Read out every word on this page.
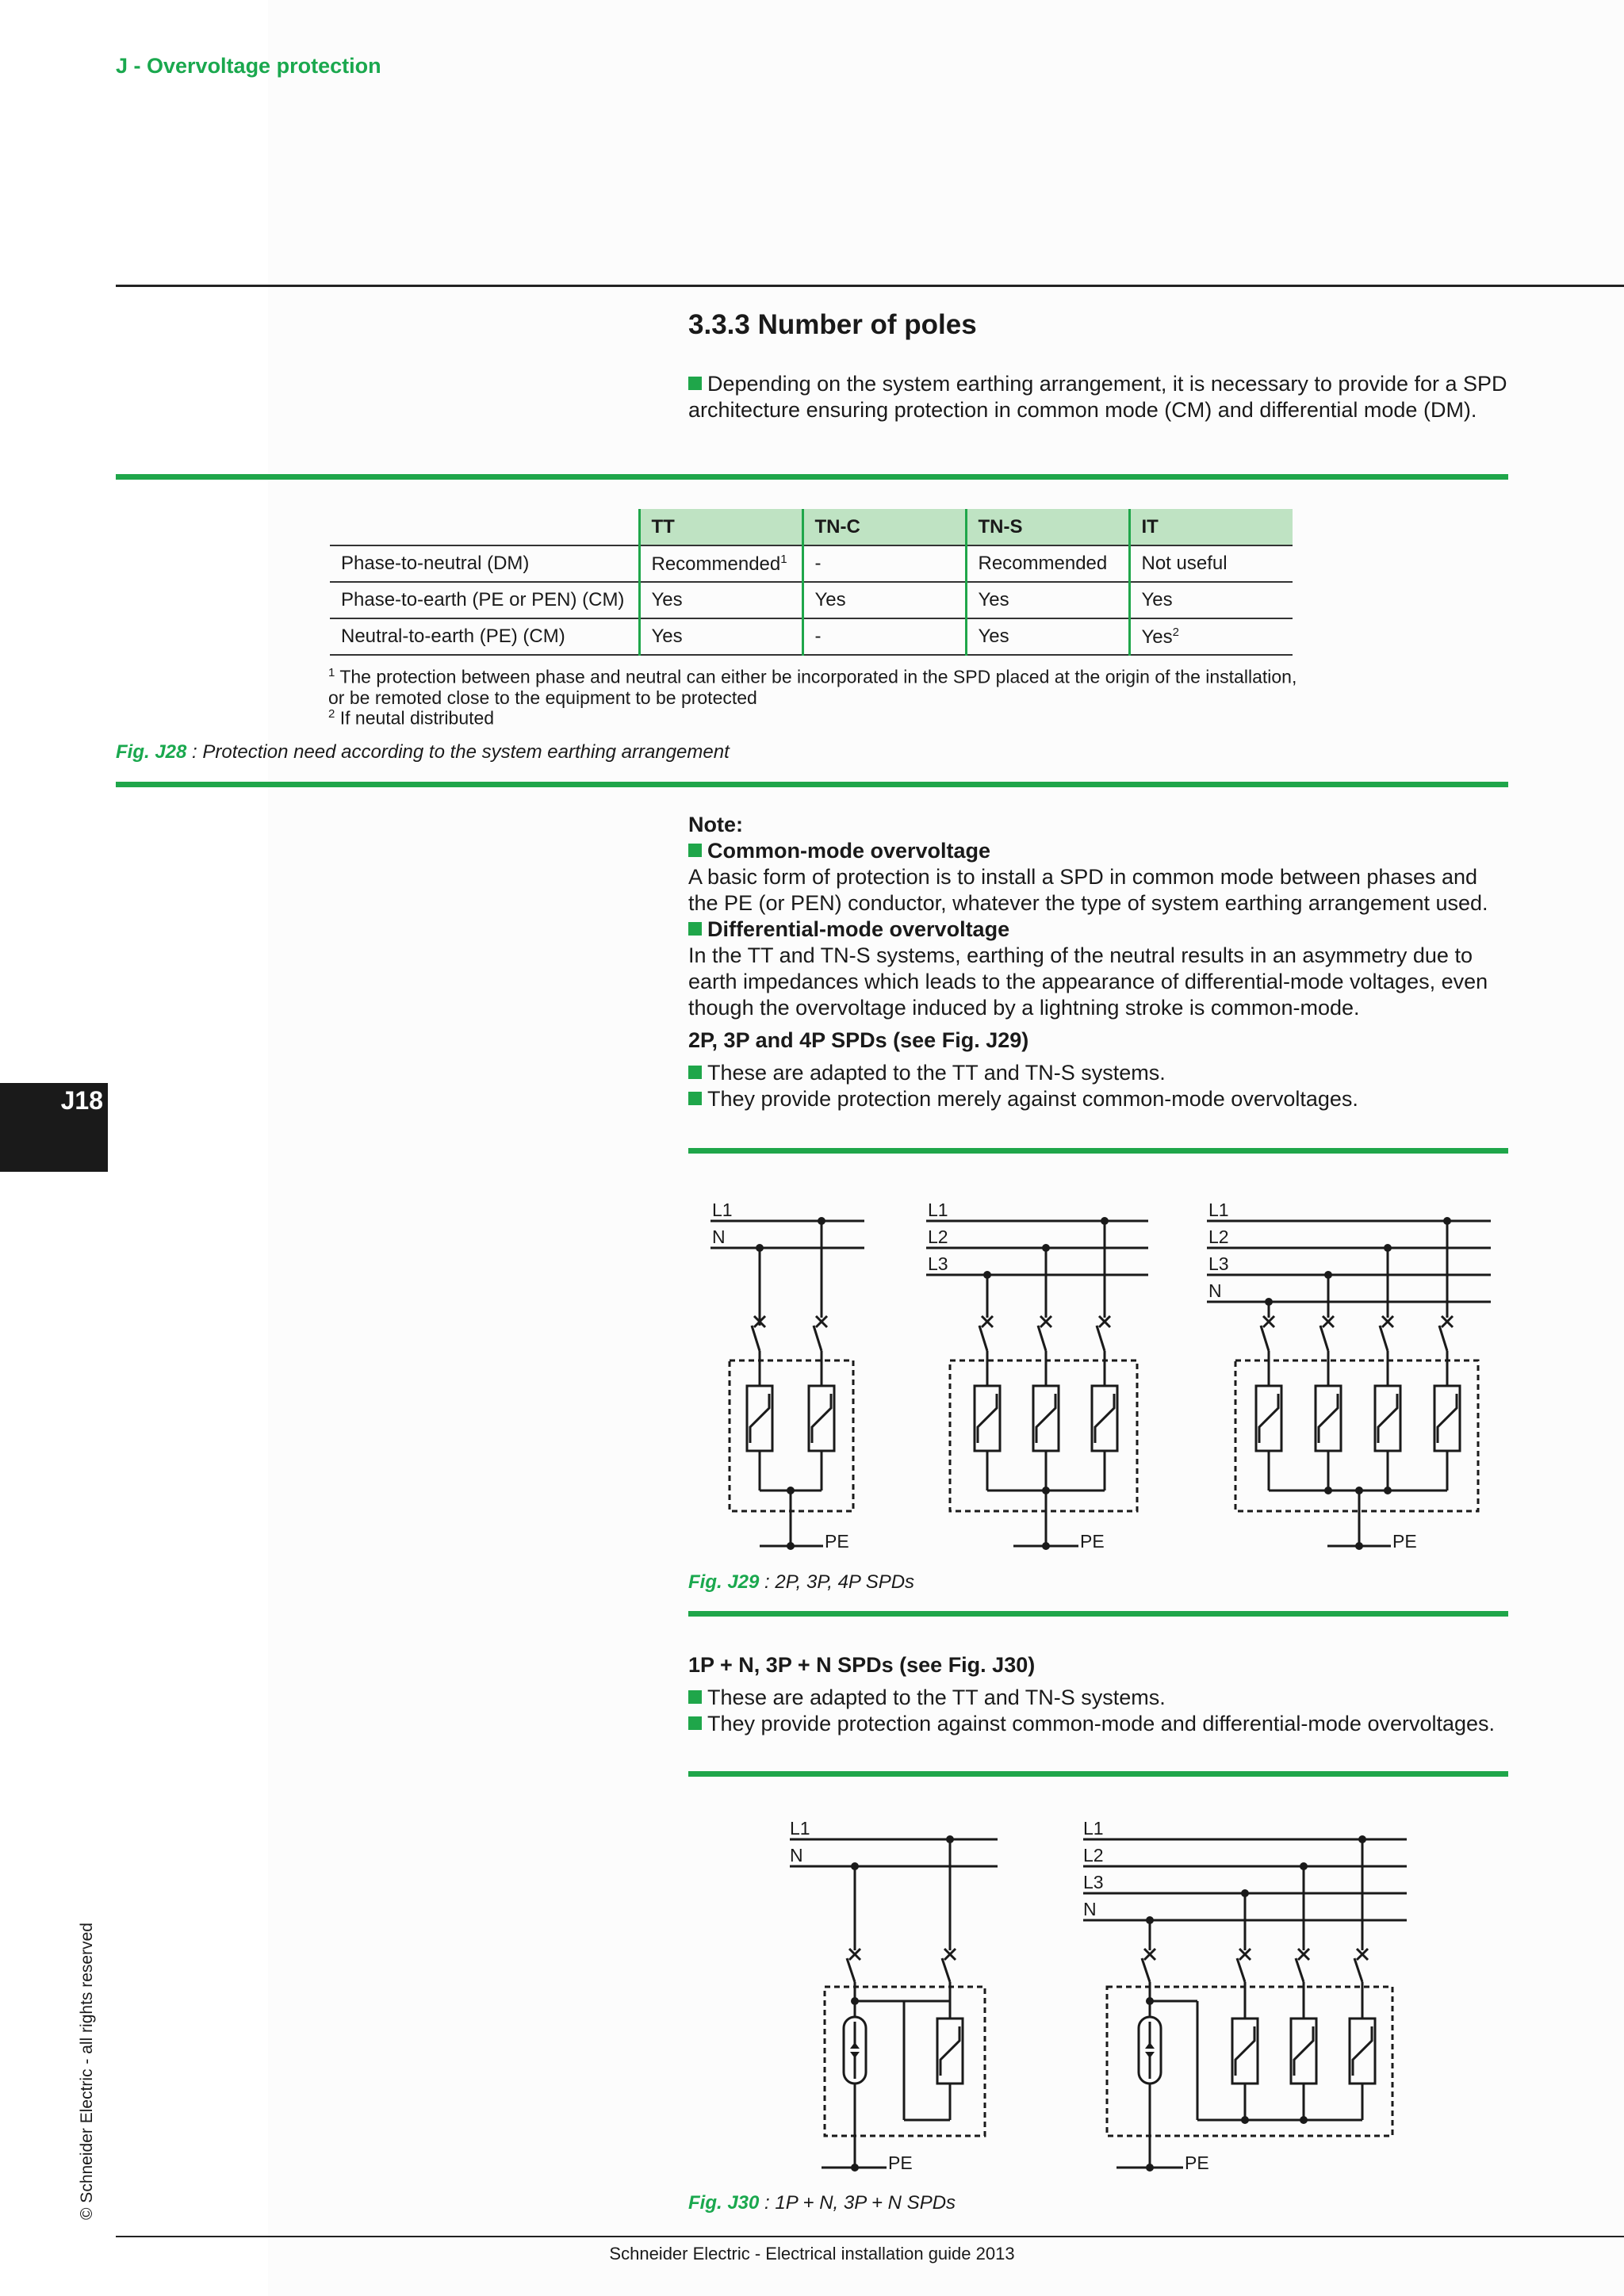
J - Overvoltage protection
3.3.3 Number of poles
Depending on the system earthing arrangement, it is necessary to provide for a SPD architecture ensuring protection in common mode (CM) and differential mode (DM).
	TT	TN-C	TN-S	IT
Phase-to-neutral (DM)	Recommended$^1$	-	Recommended	Not useful
Phase-to-earth (PE or PEN) (CM)	Yes	Yes	Yes	Yes
Neutral-to-earth (PE) (CM)	Yes	-	Yes	Yes$^2$
$^1$ The protection between phase and neutral can either be incorporated in the SPD placed at the origin of the installation, or be remoted close to the equipment to be protected
$^2$ If neutal distributed
Fig. J28 : Protection need according to the system earthing arrangement
Note:
Common-mode overvoltage
A basic form of protection is to install a SPD in common mode between phases and the PE (or PEN) conductor, whatever the type of system earthing arrangement used.
Differential-mode overvoltage
In the TT and TN-S systems, earthing of the neutral results in an asymmetry due to earth impedances which leads to the appearance of differential-mode voltages, even though the overvoltage induced by a lightning stroke is common-mode.
2P, 3P and 4P SPDs (see Fig. J29)
These are adapted to the TT and TN-S systems.
They provide protection merely against common-mode overvoltages.
L1
N
L1
L2
L3
L1
L2
L3
N
PE	PE	PE
Fig. J29 : 2P, 3P, 4P SPDs
1P + N, 3P + N SPDs (see Fig. J30)
These are adapted to the TT and TN-S systems.
They provide protection against common-mode and differential-mode overvoltages.
L1
N
L1
L2
L3
N
PE	PE
Fig. J30 : 1P + N, 3P + N SPDs
J18
© Schneider Electric - all rights reserved
Schneider Electric - Electrical installation guide 2013
